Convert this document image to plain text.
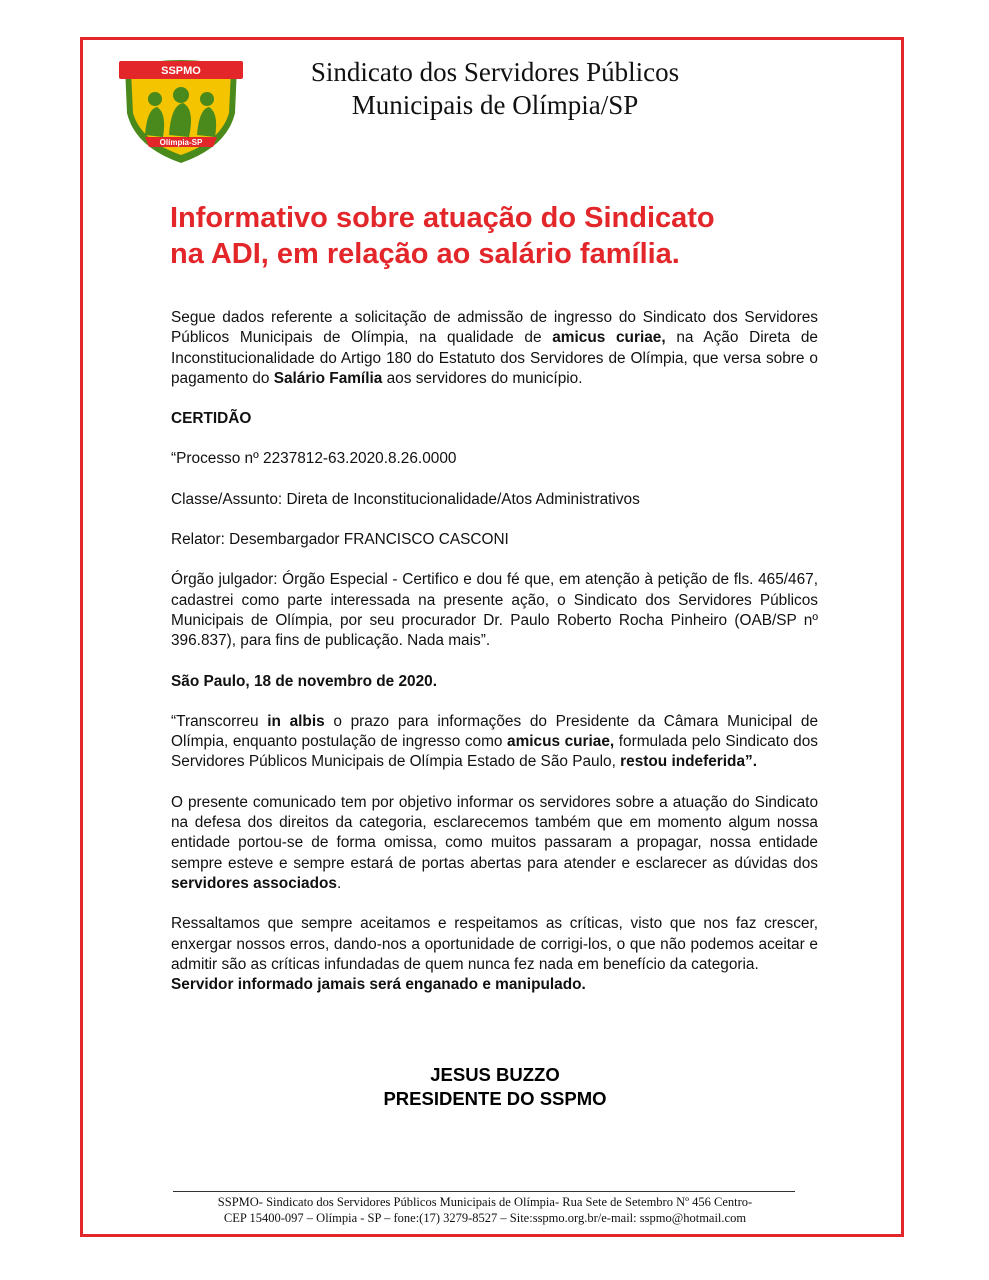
SSPMO
Olímpia-SP
Sindicato dos Servidores Públicos
Municipais de Olímpia/SP
Informativo sobre atuação do Sindicato
na ADI, em relação ao salário família.

Segue dados referente a solicitação de admissão de ingresso do Sindicato dos Servidores Públicos Municipais de Olímpia, na qualidade de amicus curiae, na Ação Direta de Inconstitucionalidade do Artigo 180 do Estatuto dos Servidores de Olímpia, que versa sobre o pagamento do Salário Família aos servidores do município.

CERTIDÃO

“Processo nº 2237812-63.2020.8.26.0000

Classe/Assunto: Direta de Inconstitucionalidade/Atos Administrativos

Relator: Desembargador FRANCISCO CASCONI

Órgão julgador: Órgão Especial - Certifico e dou fé que, em atenção à petição de fls. 465/467, cadastrei como parte interessada na presente ação, o Sindicato dos Servidores Públicos Municipais de Olímpia, por seu procurador Dr. Paulo Roberto Rocha Pinheiro (OAB/SP nº 396.837), para fins de publicação. Nada mais”.

São Paulo, 18 de novembro de 2020.

“Transcorreu in albis o prazo para informações do Presidente da Câmara Municipal de Olímpia, enquanto postulação de ingresso como amicus curiae, formulada pelo Sindicato dos Servidores Públicos Municipais de Olímpia Estado de São Paulo, restou indeferida”.

O presente comunicado tem por objetivo informar os servidores sobre a atuação do Sindicato na defesa dos direitos da categoria, esclarecemos também que em momento algum nossa entidade portou-se de forma omissa, como muitos passaram a propagar, nossa entidade sempre esteve e sempre estará de portas abertas para atender e esclarecer as dúvidas dos servidores associados.

Ressaltamos que sempre aceitamos e respeitamos as críticas, visto que nos faz crescer, enxergar nossos erros, dando-nos a oportunidade de corrigi-los, o que não podemos aceitar e admitir são as críticas infundadas de quem nunca fez nada em benefício da categoria.

Servidor informado jamais será enganado e manipulado.

JESUS BUZZO
PRESIDENTE DO SSPMO
SSPMO- Sindicato dos Servidores Públicos Municipais de Olímpia- Rua Sete de Setembro Nº 456 Centro-
CEP 15400-097 – Olímpia - SP – fone:(17) 3279-8527 – Site:sspmo.org.br/e-mail: sspmo@hotmail.com
